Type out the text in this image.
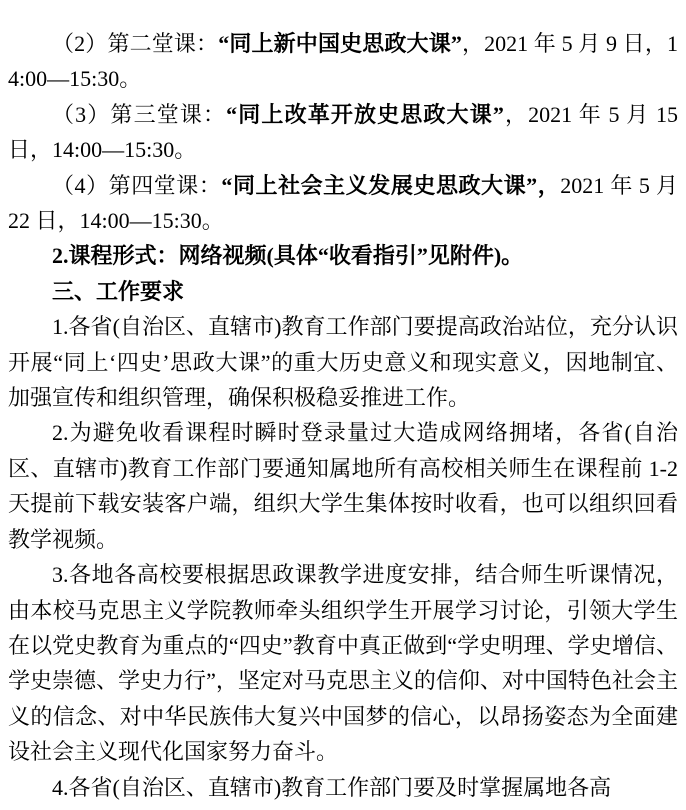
（2）第二堂课：“同上新中国史思政大课”，2021 年 5 月 9 日，14:00—15:30。

（3）第三堂课：“同上改革开放史思政大课”，2021 年 5 月 15 日，14:00—15:30。

（4）第四堂课：“同上社会主义发展史思政大课”，2021 年 5 月 22 日，14:00—15:30。

2.课程形式：网络视频(具体“收看指引”见附件)。

三、工作要求

1.各省(自治区、直辖市)教育工作部门要提高政治站位，充分认识开展“同上‘四史’思政大课”的重大历史意义和现实意义，因地制宜、加强宣传和组织管理，确保积极稳妥推进工作。

2.为避免收看课程时瞬时登录量过大造成网络拥堵，各省(自治区、直辖市)教育工作部门要通知属地所有高校相关师生在课程前 1-2 天提前下载安装客户端，组织大学生集体按时收看，也可以组织回看教学视频。

3.各地各高校要根据思政课教学进度安排，结合师生听课情况，由本校马克思主义学院教师牵头组织学生开展学习讨论，引领大学生在以党史教育为重点的“四史”教育中真正做到“学史明理、学史增信、学史崇德、学史力行”，坚定对马克思主义的信仰、对中国特色社会主义的信念、对中华民族伟大复兴中国梦的信心，以昂扬姿态为全面建设社会主义现代化国家努力奋斗。

4.各省(自治区、直辖市)教育工作部门要及时掌握属地各高
